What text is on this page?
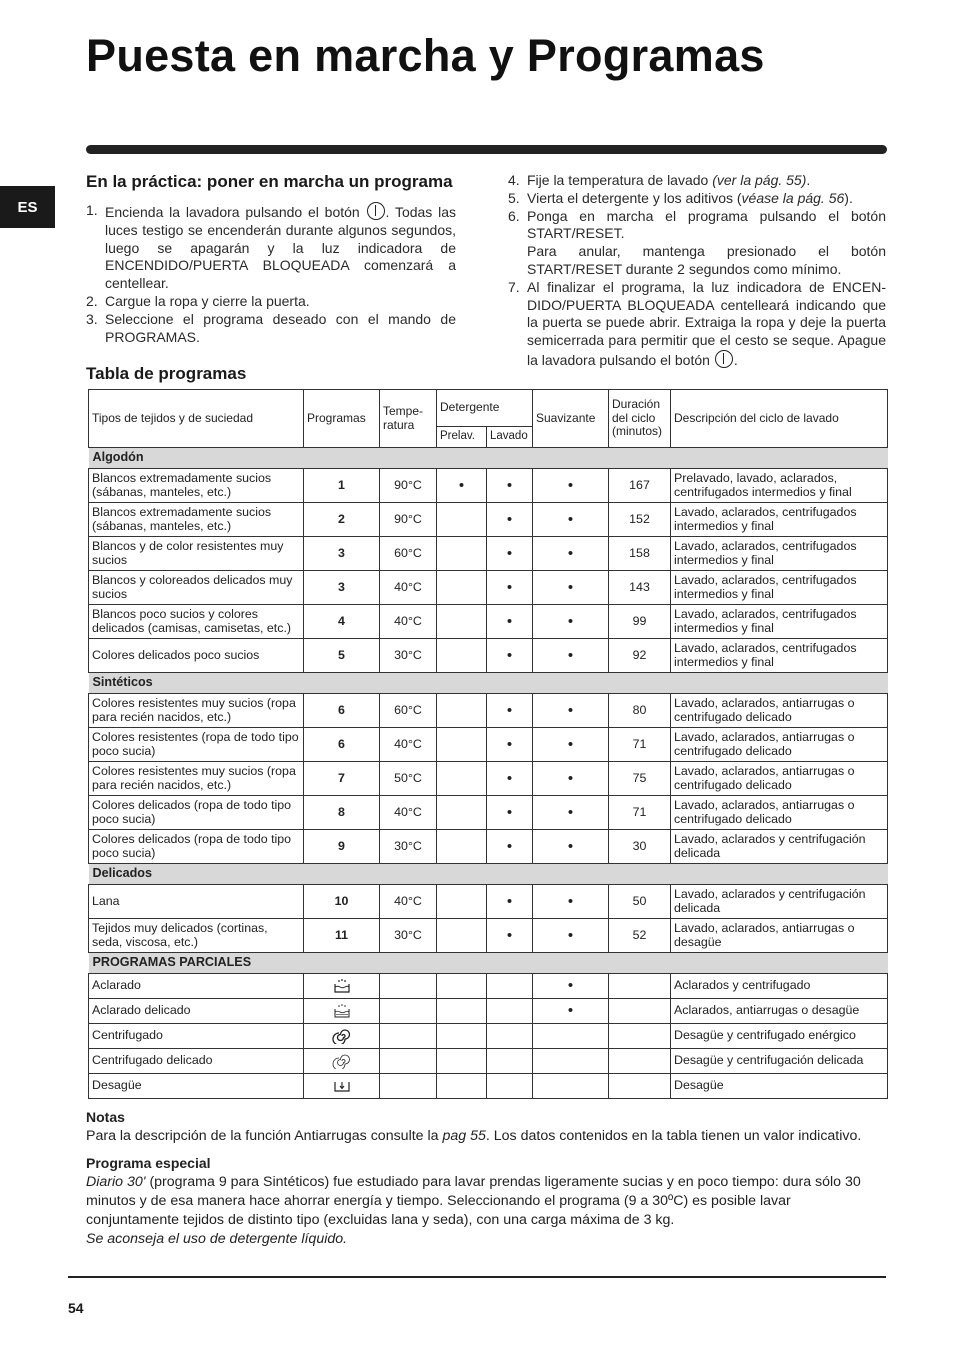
Puesta en marcha y Programas
ES
En la práctica: poner en marcha un programa
1. Encienda la lavadora pulsando el botón . Todas las luces testigo se encenderán durante algunos segundos, luego se apagarán y la luz indicadora de ENCENDIDO/PUERTA BLOQUEADA comenzará a centellear.
2. Cargue la ropa y cierre la puerta.
3. Seleccione el programa deseado con el mando de PROGRAMAS.
4. Fije la temperatura de lavado (ver la pág. 55).
5. Vierta el detergente y los aditivos (véase la pág. 56).
6. Ponga en marcha el programa pulsando el botón START/RESET.
Para anular, mantenga presionado el botón START/RESET durante 2 segundos como mínimo.
7. Al finalizar el programa, la luz indicadora de ENCEN-DIDO/PUERTA BLOQUEADA centelleará indicando que la puerta se puede abrir. Extraiga la ropa y deje la puerta semicerrada para permitir que el cesto se seque. Apague la lavadora pulsando el botón .
Tabla de programas
Tipos de tejidos y de suciedad	Programas	Tempe-ratura	Detergente		Suavizante	Duración del ciclo (minutos)	Descripción del ciclo de lavado
			Prelav.	Lavado			
Algodón							
Blancos extremadamente sucios (sábanas, manteles, etc.)	1	90°C	•	•	•	167	Prelavado, lavado, aclarados, centrifugados intermedios y final
Blancos extremadamente sucios (sábanas, manteles, etc.)	2	90°C		•	•	152	Lavado, aclarados, centrifugados intermedios y final
Blancos y de color resistentes muy sucios	3	60°C		•	•	158	Lavado, aclarados, centrifugados intermedios y final
Blancos y coloreados delicados muy sucios	3	40°C		•	•	143	Lavado, aclarados, centrifugados intermedios y final
Blancos poco sucios y colores delicados (camisas, camisetas, etc.)	4	40°C		•	•	99	Lavado, aclarados, centrifugados intermedios y final
Colores delicados poco sucios	5	30°C		•	•	92	Lavado, aclarados, centrifugados intermedios y final
Sintéticos							
Colores resistentes muy sucios (ropa para recién nacidos, etc.)	6	60°C		•	•	80	Lavado, aclarados, antiarrugas o centrifugado delicado
Colores resistentes (ropa de todo tipo poco sucia)	6	40°C		•	•	71	Lavado, aclarados, antiarrugas o centrifugado delicado
Colores resistentes muy sucios (ropa para recién nacidos, etc.)	7	50°C		•	•	75	Lavado, aclarados, antiarrugas o centrifugado delicado
Colores delicados (ropa de todo tipo poco sucia)	8	40°C		•	•	71	Lavado, aclarados, antiarrugas o centrifugado delicado
Colores delicados (ropa de todo tipo poco sucia)	9	30°C		•	•	30	Lavado, aclarados y centrifugación delicada
Delicados							
Lana	10	40°C		•	•	50	Lavado, aclarados y centrifugación delicada
Tejidos muy delicados (cortinas, seda, viscosa, etc.)	11	30°C		•	•	52	Lavado, aclarados, antiarrugas o desagüe
PROGRAMAS PARCIALES							
Aclarado					•		Aclarados y centrifugado
Aclarado delicado					•		Aclarados, antiarrugas o desagüe
Centrifugado							Desagüe y centrifugado enérgico
Centrifugado delicado							Desagüe y centrifugación delicada
Desagüe							Desagüe
Notas

Para la descripción de la función Antiarrugas consulte la pag 55. Los datos contenidos en la tabla tienen un valor indicativo.

Programa especial

Diario 30' (programa 9 para Sintéticos) fue estudiado para lavar prendas ligeramente sucias y en poco tiempo: dura sólo 30 minutos y de esa manera hace ahorrar energía y tiempo. Seleccionando el programa (9 a 30ºC) es posible lavar conjuntamente tejidos de distinto tipo (excluidas lana y seda), con una carga máxima de 3 kg.
Se aconseja el uso de detergente líquido.

54
